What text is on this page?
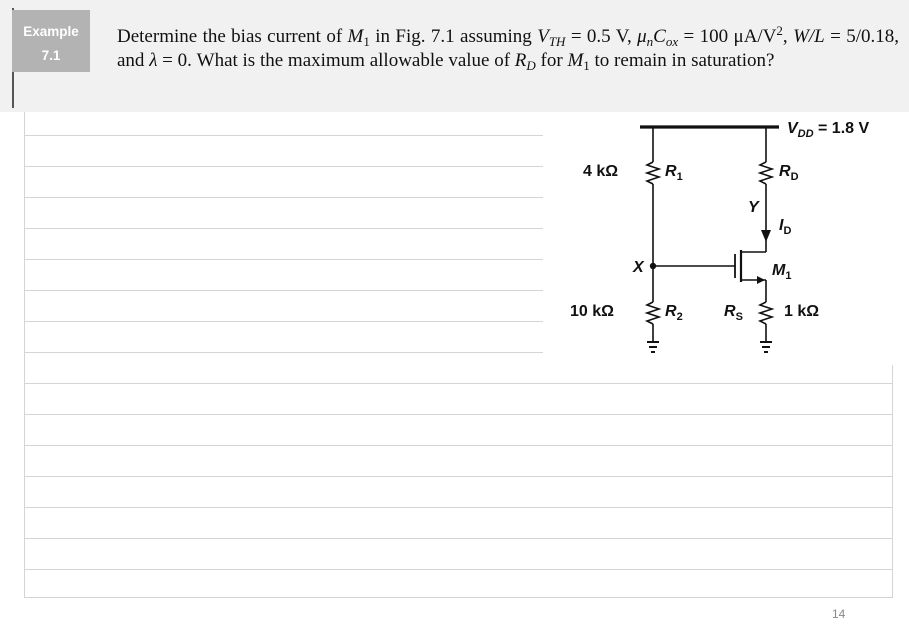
Example
7.1

Determine the bias current of $M_1$ in Fig. 7.1 assuming $V_{TH} = 0.5$ V, $\mu_nC_{ox} = 100$ $\mu A/V^2$, W/L = 5/0.18, and λ = 0. What is the maximum allowable value of $R_D$ for $M_1$ to remain in saturation?

$V_{DD} = 1.8$ V
4 kΩ	$R_1$	$R_D$
Y
$I_D$
X	$M_1$
10 kΩ	$R_2$	$R_S$	1 kΩ
14
